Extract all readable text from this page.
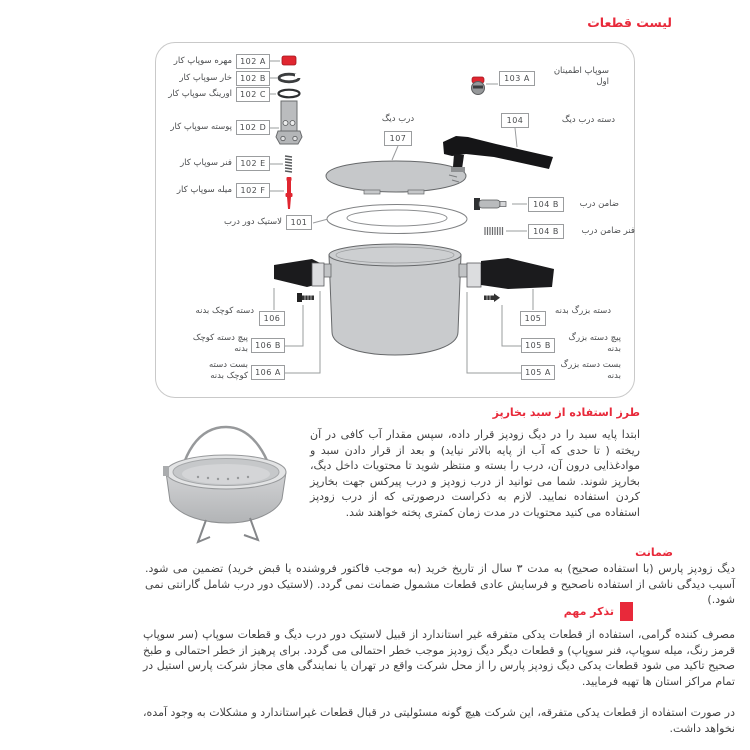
لیست قطعات
102 A
مهره سوپاپ کار
102 B
خار سوپاپ کار
102 C
اورینگ سوپاپ کار
102 D
پوسته سوپاپ کار
102 E
فنر سوپاپ کار
102 F
میله سوپاپ کار
101
لاستیک دور درب
106
دسته کوچک بدنه
106 B
پیچ دسته کوچک بدنه
106 A
بست دسته کوچک بدنه
103 A
سوپاپ اطمینان اول
104	دسته درب دیگ
درب دیگ
107
104 B	ضامن درب
104 B	فنر ضامن درب
105
دسته بزرگ بدنه
105 B
پیچ دسته بزرگ بدنه
105 A
بست دسته بزرگ بدنه
طرز استفاده از سبد بخارپز
ابتدا پایه سبد را در دیگ زودپز قرار داده، سپس مقدار آب کافی در آن ریخته ( تا حدی که آب از پایه بالاتر نیاید) و بعد از قرار دادن سبد و موادغذایی درون آن، درب را بسته و منتظر شوید تا محتویات داخل دیگ، بخارپز شوند. شما می توانید از درب زودپز و درب پیرکس جهت بخارپز کردن استفاده نمایید. لازم به ذکراست درصورتی که از درب زودپز استفاده می کنید محتویات در مدت زمان کمتری پخته خواهند شد.
ضمانت
دیگ زودپز پارس (با استفاده صحیح) به مدت ۳ سال از تاریخ خرید (به موجب فاکتور فروشنده یا قبض خرید) تضمین می شود. آسیب دیدگی ناشی از استفاده ناصحیح و فرسایش عادی قطعات مشمول ضمانت نمی گردد. (لاستیک دور درب شامل گارانتی نمی شود.)
تذکر مهم
مصرف کننده گرامی، استفاده از قطعات یدکی متفرقه غیر استاندارد از قبیل لاستیک دور درب دیگ و قطعات سوپاپ (سر سوپاپ قرمز رنگ، میله سوپاپ، فنر سوپاپ) و قطعات دیگر دیگ زودپز موجب خطر احتمالی می گردد. برای پرهیز از خطر احتمالی و طبخ صحیح تاکید می شود قطعات یدکی دیگ زودپز پارس را از محل شرکت واقع در تهران یا نمایندگی های مجاز شرکت پارس استیل در تمام مراکز استان ها تهیه فرمایید.
در صورت استفاده از قطعات یدکی متفرقه، این شرکت هیچ گونه مسئولیتی در قبال قطعات غیراستاندارد و مشکلات به وجود آمده، نخواهد داشت.
